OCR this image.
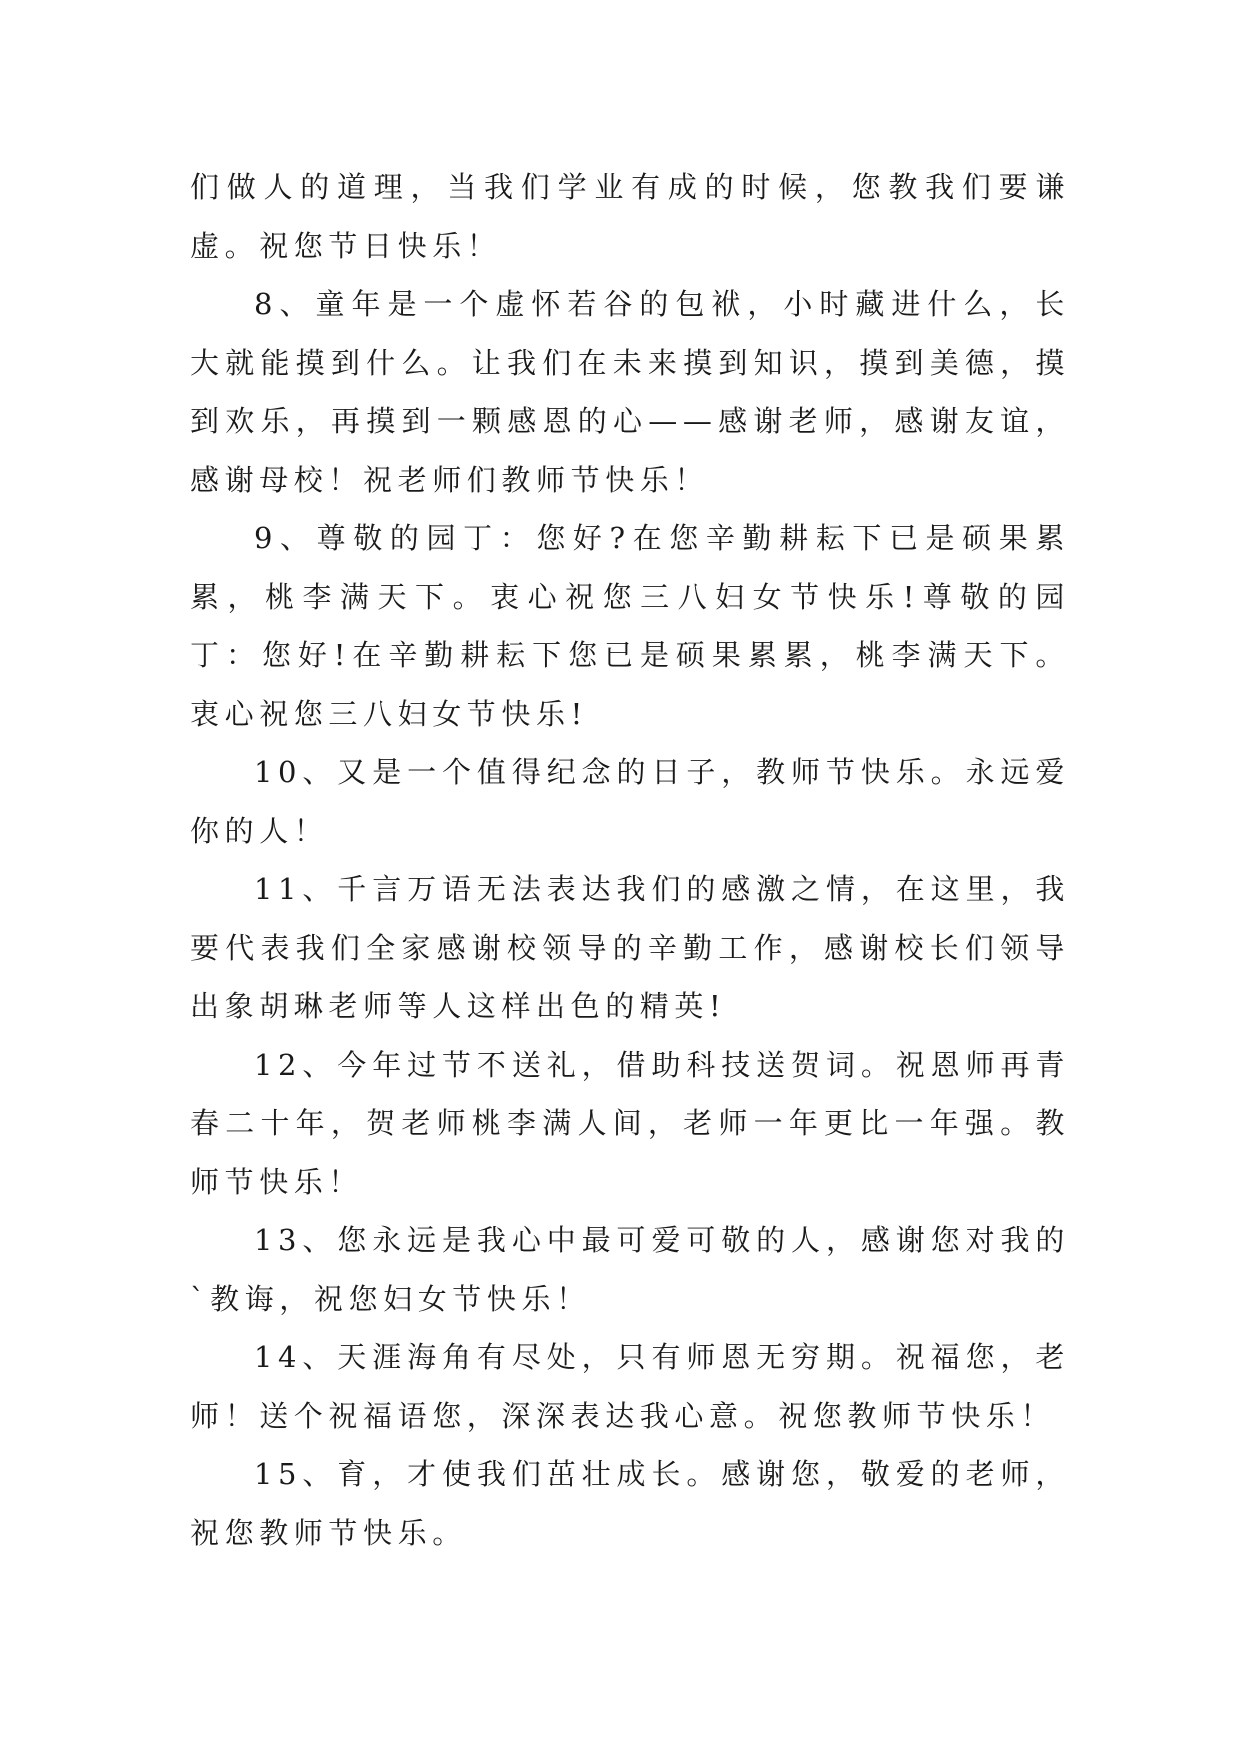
们做人的道理，当我们学业有成的时候，您教我们要谦虚。祝您节日快乐！

8、童年是一个虚怀若谷的包袱，小时藏进什么，长大就能摸到什么。让我们在未来摸到知识，摸到美德，摸到欢乐，再摸到一颗感恩的心——感谢老师，感谢友谊，感谢母校！祝老师们教师节快乐！

9、尊敬的园丁：您好?在您辛勤耕耘下已是硕果累累，桃李满天下。衷心祝您三八妇女节快乐!尊敬的园丁：您好!在辛勤耕耘下您已是硕果累累，桃李满天下。衷心祝您三八妇女节快乐!

10、又是一个值得纪念的日子，教师节快乐。永远爱你的人！

11、千言万语无法表达我们的感激之情，在这里，我要代表我们全家感谢校领导的辛勤工作，感谢校长们领导出象胡琳老师等人这样出色的精英!

12、今年过节不送礼，借助科技送贺词。祝恩师再青春二十年，贺老师桃李满人间，老师一年更比一年强。教师节快乐！

13、您永远是我心中最可爱可敬的人，感谢您对我的`教诲，祝您妇女节快乐！

14、天涯海角有尽处，只有师恩无穷期。祝福您，老师！送个祝福语您，深深表达我心意。祝您教师节快乐！

15、育，才使我们茁壮成长。感谢您，敬爱的老师，祝您教师节快乐。
